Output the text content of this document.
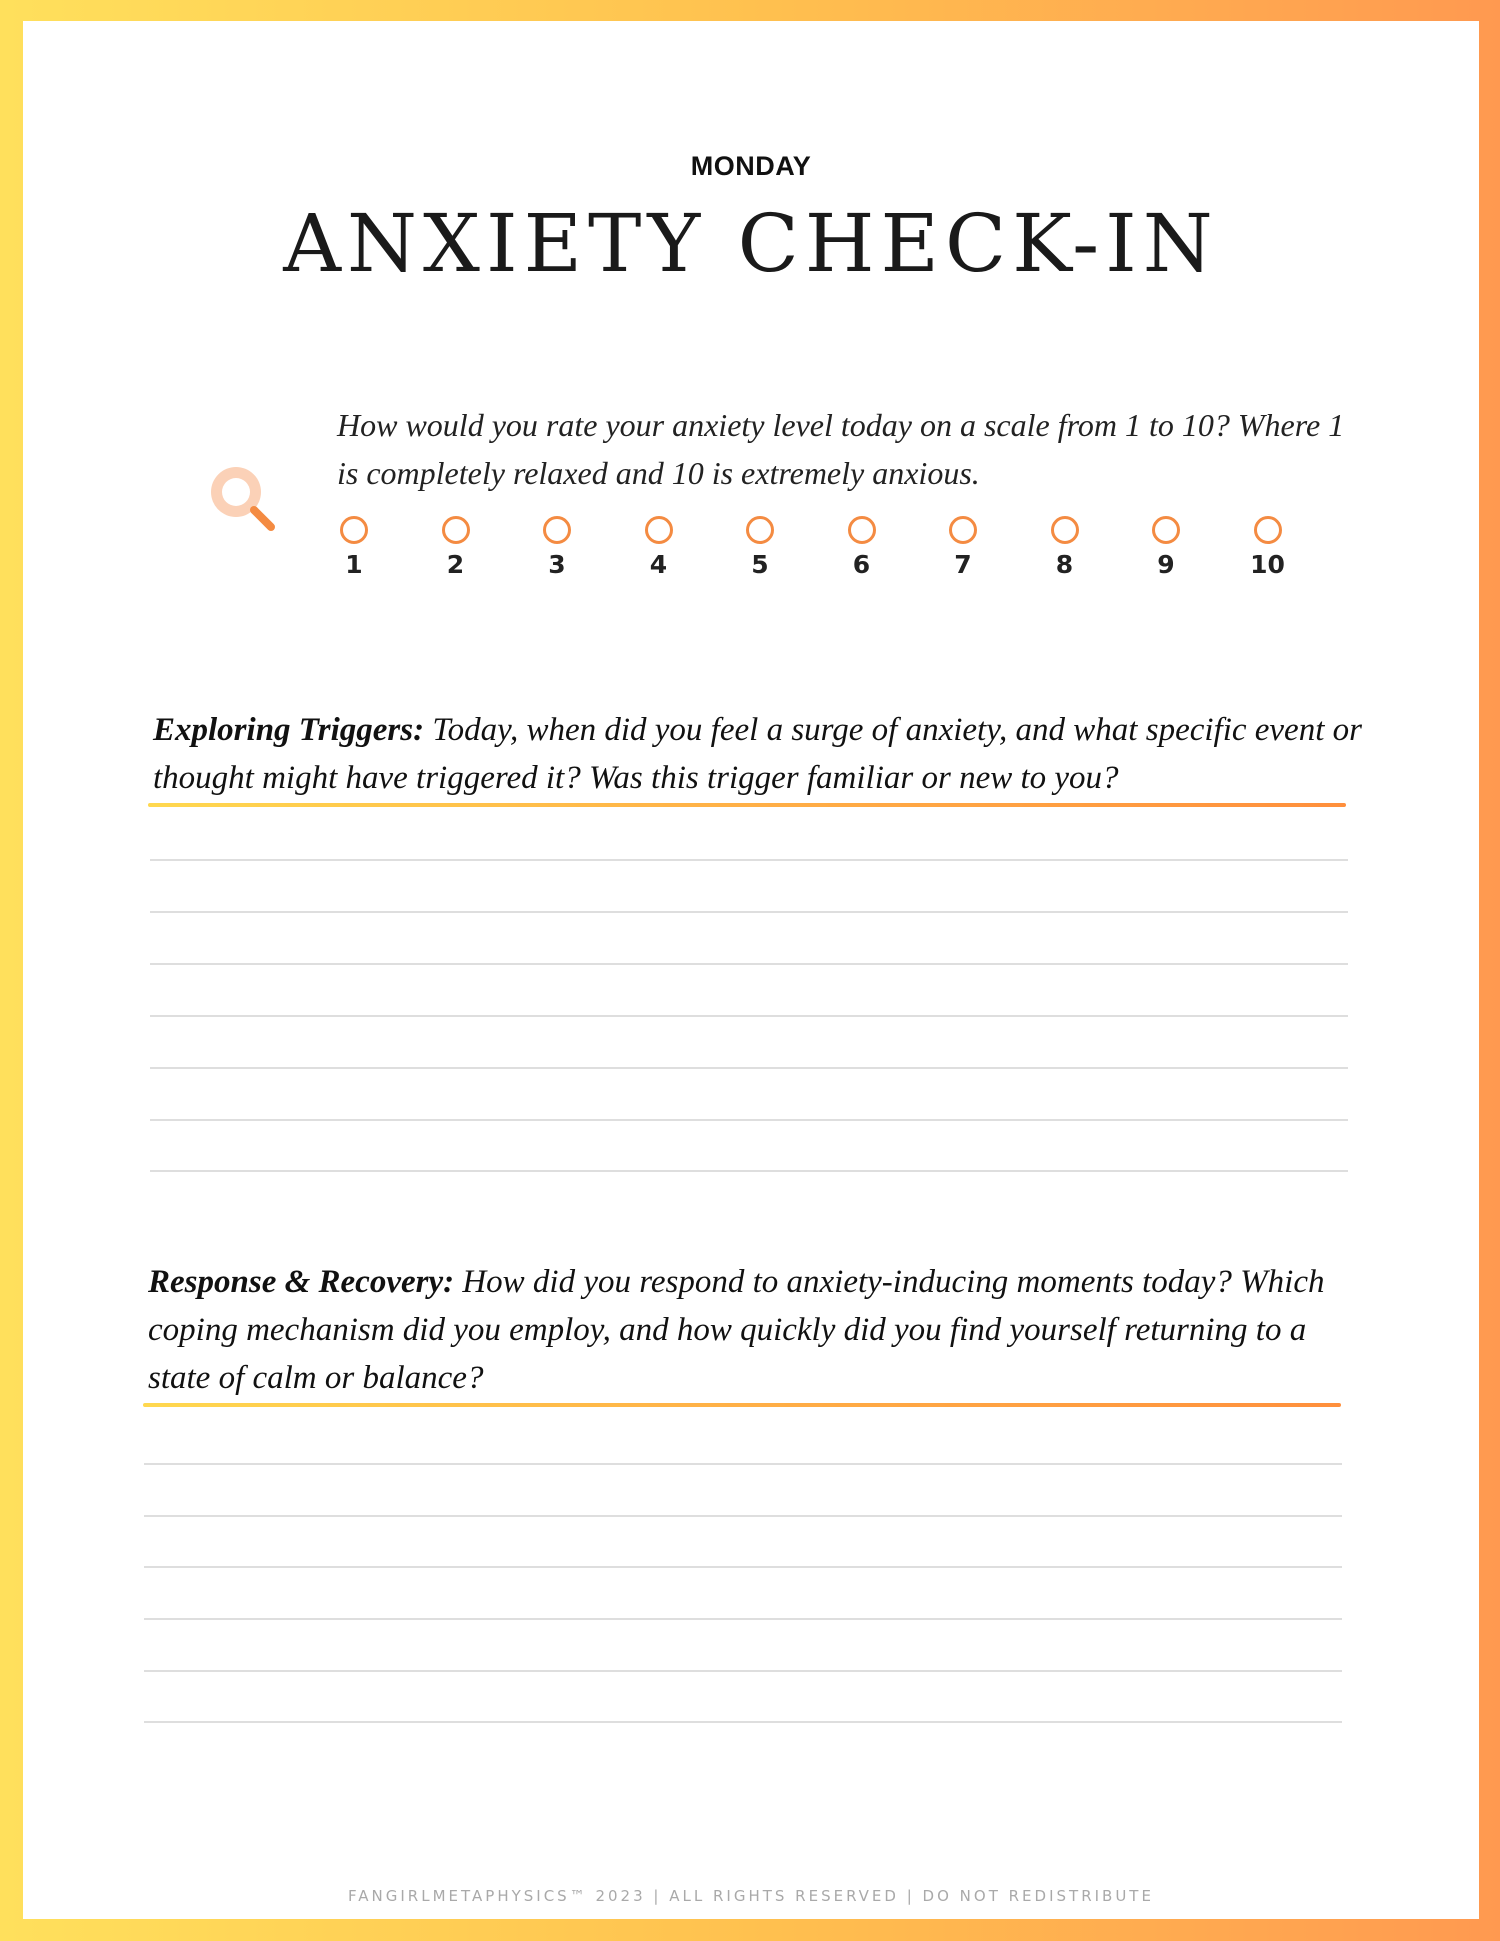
MONDAY
ANXIETY CHECK-IN
How would you rate your anxiety level today on a scale from 1 to 10? Where 1 is completely relaxed and 10 is extremely anxious.
1	2	3	4	5	6	7	8	9	10
Exploring Triggers: Today, when did you feel a surge of anxiety, and what specific event or thought might have triggered it? Was this trigger familiar or new to you?
Response & Recovery: How did you respond to anxiety-inducing moments today? Which coping mechanism did you employ, and how quickly did you find yourself returning to a state of calm or balance?
FANGIRLMETAPHYSICS™ 2023 | ALL RIGHTS RESERVED | DO NOT REDISTRIBUTE
